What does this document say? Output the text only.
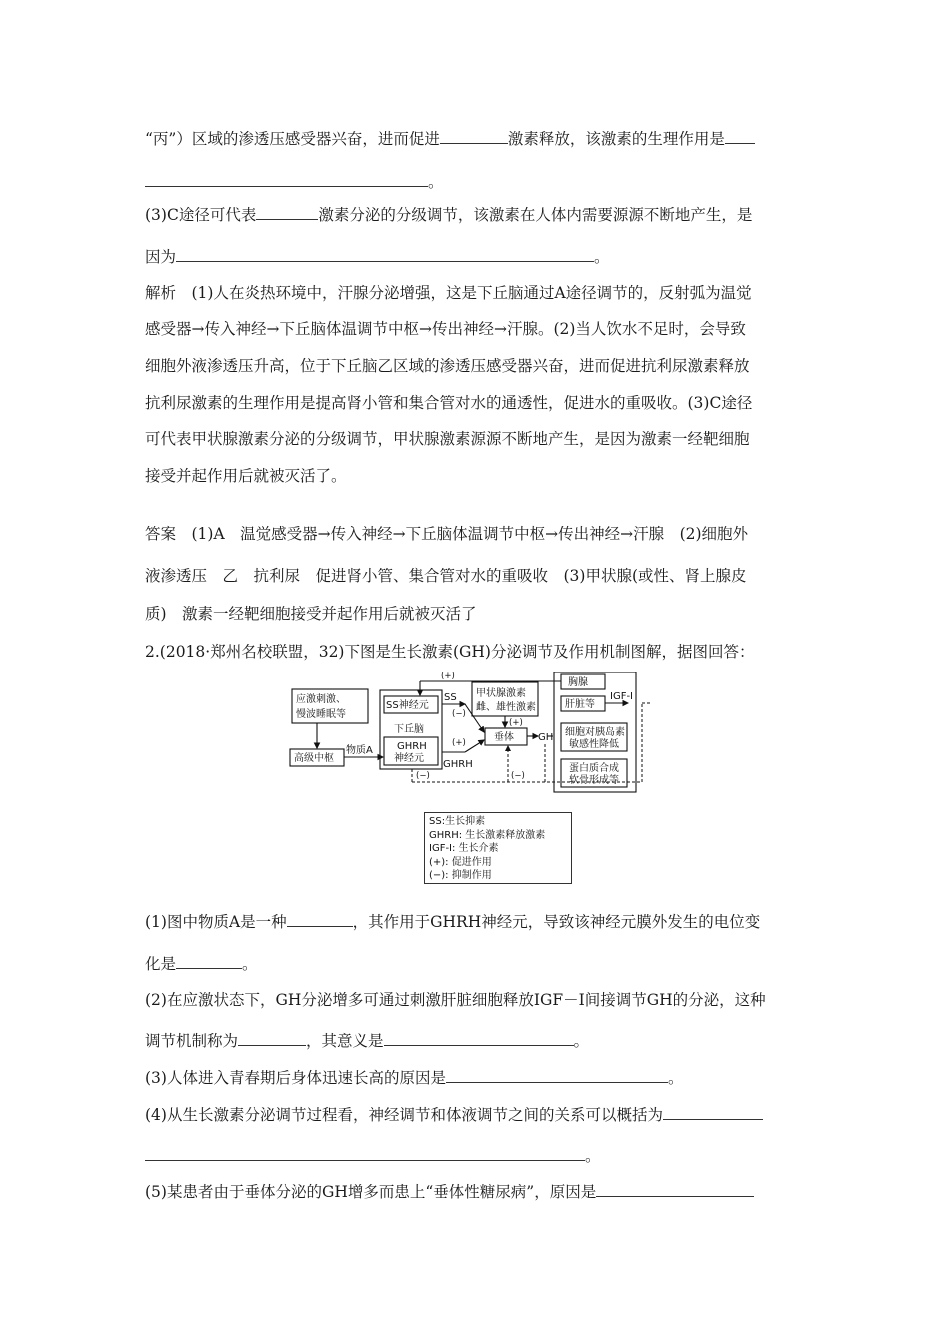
“丙”）区域的渗透压感受器兴奋，进而促进	激素释放，该激素的生理作用是
。
(3)C途径可代表	激素分泌的分级调节，该激素在人体内需要源源不断地产生，是
因为	。
解析　(1)人在炎热环境中，汗腺分泌增强，这是下丘脑通过A途径调节的，反射弧为温觉
感受器→传入神经→下丘脑体温调节中枢→传出神经→汗腺。(2)当人饮水不足时，会导致
细胞外液渗透压升高，位于下丘脑乙区域的渗透压感受器兴奋，进而促进抗利尿激素释放
抗利尿激素的生理作用是提高肾小管和集合管对水的通透性，促进水的重吸收。(3)C途径
可代表甲状腺激素分泌的分级调节，甲状腺激素源源不断地产生，是因为激素一经靶细胞
接受并起作用后就被灭活了。
答案　(1)A　温觉感受器→传入神经→下丘脑体温调节中枢→传出神经→汗腺　(2)细胞外
液渗透压　乙　抗利尿　促进肾小管、集合管对水的重吸收　(3)甲状腺(或性、肾上腺皮
质)　激素一经靶细胞接受并起作用后就被灭活了
2.(2018·郑州名校联盟，32)下图是生长激素(GH)分泌调节及作用机制图解，据图回答：
应激刺激、
慢波睡眠等
高级中枢
物质A
SS神经元
下丘脑
GHRH
神经元
SS
GHRH
(−)
(+)
甲状腺激素
雌、雄性激素
(+)
垂体 GH
(+)
胸腺
肝脏等
IGF-Ⅰ
细胞对胰岛素
敏感性降低
蛋白质合成
软骨形成等
(−)	(−)
SS:生长抑素
GHRH: 生长激素释放激素
IGF-Ⅰ: 生长介素
(+): 促进作用
(−): 抑制作用
(1)图中物质A是一种	，其作用于GHRH神经元，导致该神经元膜外发生的电位变
化是	。
(2)在应激状态下，GH分泌增多可通过刺激肝脏细胞释放IGF－Ⅰ间接调节GH的分泌，这种
调节机制称为	，其意义是	。
(3)人体进入青春期后身体迅速长高的原因是	。
(4)从生长激素分泌调节过程看，神经调节和体液调节之间的关系可以概括为
。
(5)某患者由于垂体分泌的GH增多而患上“垂体性糖尿病”，原因是
